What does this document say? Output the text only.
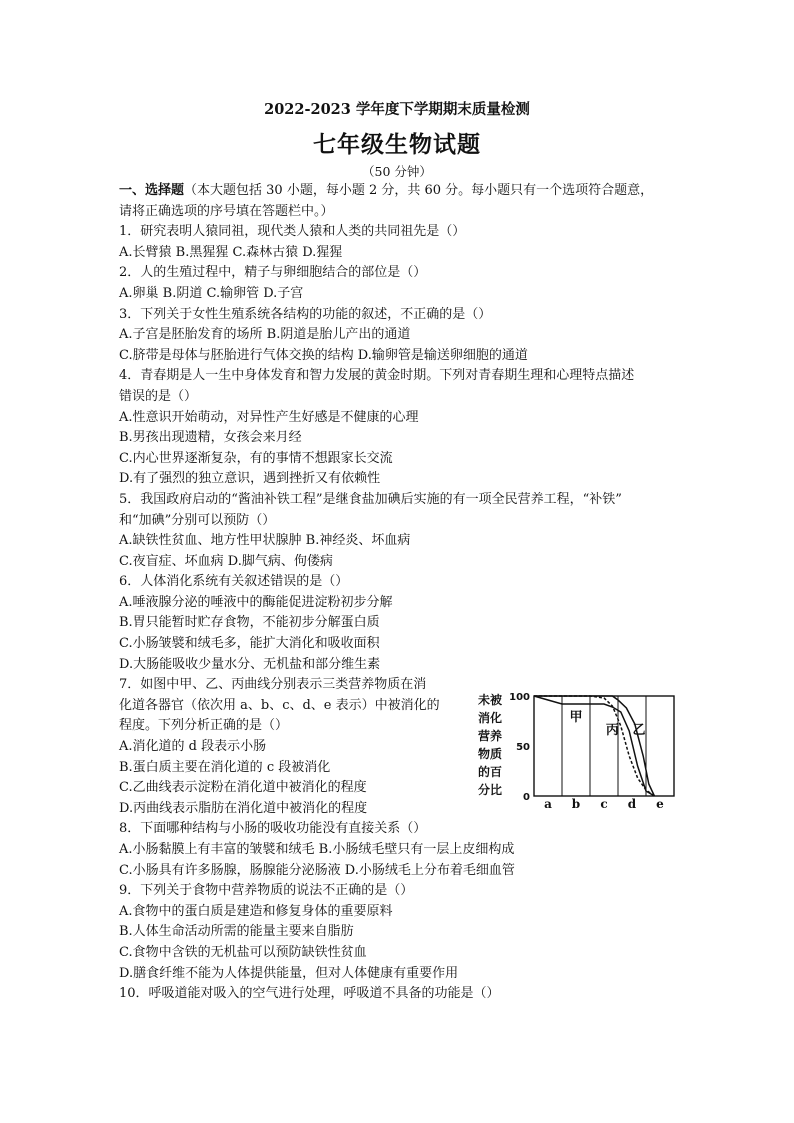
2022-2023 学年度下学期期末质量检测
七年级生物试题
（50 分钟）
一、选择题（本大题包括 30 小题，每小题 2 分，共 60 分。每小题只有一个选项符合题意，
请将正确选项的序号填在答题栏中。）
1．研究表明人猿同祖，现代类人猿和人类的共同祖先是（）
A.长臂猿 B.黑猩猩 C.森林古猿 D.猩猩
2．人的生殖过程中，精子与卵细胞结合的部位是（）
A.卵巢 B.阴道 C.输卵管 D.子宫
3．下列关于女性生殖系统各结构的功能的叙述，不正确的是（）
A.子宫是胚胎发育的场所 B.阴道是胎儿产出的通道
C.脐带是母体与胚胎进行气体交换的结构 D.输卵管是输送卵细胞的通道
4．青春期是人一生中身体发育和智力发展的黄金时期。下列对青春期生理和心理特点描述
错误的是（）
A.性意识开始萌动，对异性产生好感是不健康的心理
B.男孩出现遗精，女孩会来月经
C.内心世界逐渐复杂，有的事情不想跟家长交流
D.有了强烈的独立意识，遇到挫折又有依赖性
5．我国政府启动的“酱油补铁工程”是继食盐加碘后实施的有一项全民营养工程，“补铁”
和“加碘”分别可以预防（）
A.缺铁性贫血、地方性甲状腺肿 B.神经炎、坏血病
C.夜盲症、坏血病 D.脚气病、佝偻病
6．人体消化系统有关叙述错误的是（）
A.唾液腺分泌的唾液中的酶能促进淀粉初步分解
B.胃只能暂时贮存食物，不能初步分解蛋白质
C.小肠皱襞和绒毛多，能扩大消化和吸收面积
D.大肠能吸收少量水分、无机盐和部分维生素
7．如图中甲、乙、丙曲线分别表示三类营养物质在消
化道各器官（依次用 a、b、c、d、e 表示）中被消化的
程度。下列分析正确的是（）
A.消化道的 d 段表示小肠
B.蛋白质主要在消化道的 c 段被消化
C.乙曲线表示淀粉在消化道中被消化的程度
D.丙曲线表示脂肪在消化道中被消化的程度
8．下面哪种结构与小肠的吸收功能没有直接关系（）
A.小肠黏膜上有丰富的皱襞和绒毛 B.小肠绒毛壁只有一层上皮细构成
C.小肠具有许多肠腺，肠腺能分泌肠液 D.小肠绒毛上分布着毛细血管
9．下列关于食物中营养物质的说法不正确的是（）
A.食物中的蛋白质是建造和修复身体的重要原料
B.人体生命活动所需的能量主要来自脂肪
C.食物中含铁的无机盐可以预防缺铁性贫血
D.膳食纤维不能为人体提供能量，但对人体健康有重要作用
10．呼吸道能对吸入的空气进行处理，呼吸道不具备的功能是（）
未被
消化
营养
物质
的百
分比
100
50
0 a b c d e
甲
丙 乙
